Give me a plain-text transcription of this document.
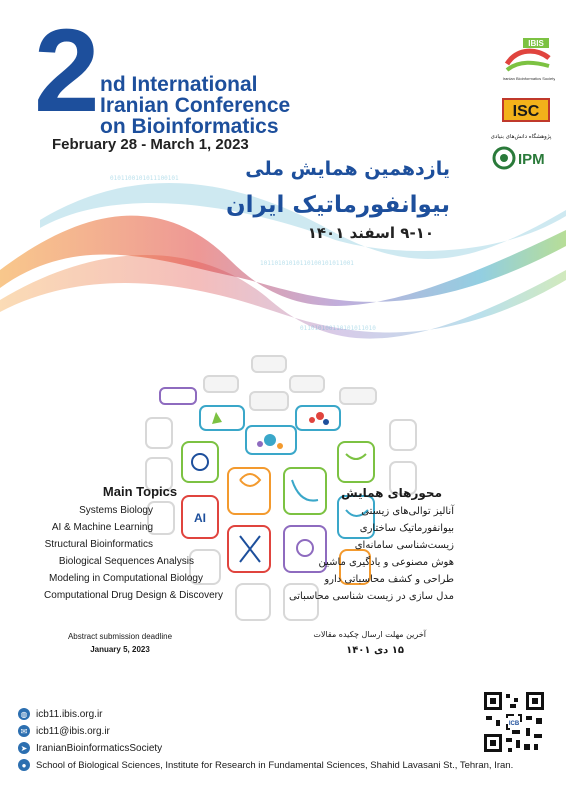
0101100101011100101
10110101010110100101011001
011010100110101011010
2 nd International
Iranian Conference
on Bioinformatics
February 28 - March 1, 2023
یازدهمین همایش ملی
بیوانفورماتیک ایران
۹-۱۰ اسفند ۱۴۰۱
IBIS
Iranian Bioinformatics Society
ISC
پژوهشگاه دانش‌های بنیادی
IPM
AI
Main Topics
Systems Biology
AI & Machine Learning
Structural Bioinformatics
Biological Sequences Analysis
Modeling in Computational Biology
Computational Drug Design & Discovery
محورهای همایش
آنالیز توالی‌های زیستی
بیوانفورماتیک ساختاری
زیست‌شناسی سامانه‌ای
هوش مصنوعی و یادگیری ماشین
طراحی و کشف محاسباتی دارو
مدل سازی در زیست شناسی محاسباتی
Abstract submission deadline
January 5, 2023
آخرین مهلت ارسال چکیده مقالات
۱۵ دی ۱۴۰۱
◍ icb11.ibis.org.ir
✉ icb11@ibis.org.ir
➤ IranianBioinformaticsSociety
●	School of Biological Sciences, Institute for Research in Fundamental Sciences, Shahid Lavasani St., Tehran, Iran.
ICB
